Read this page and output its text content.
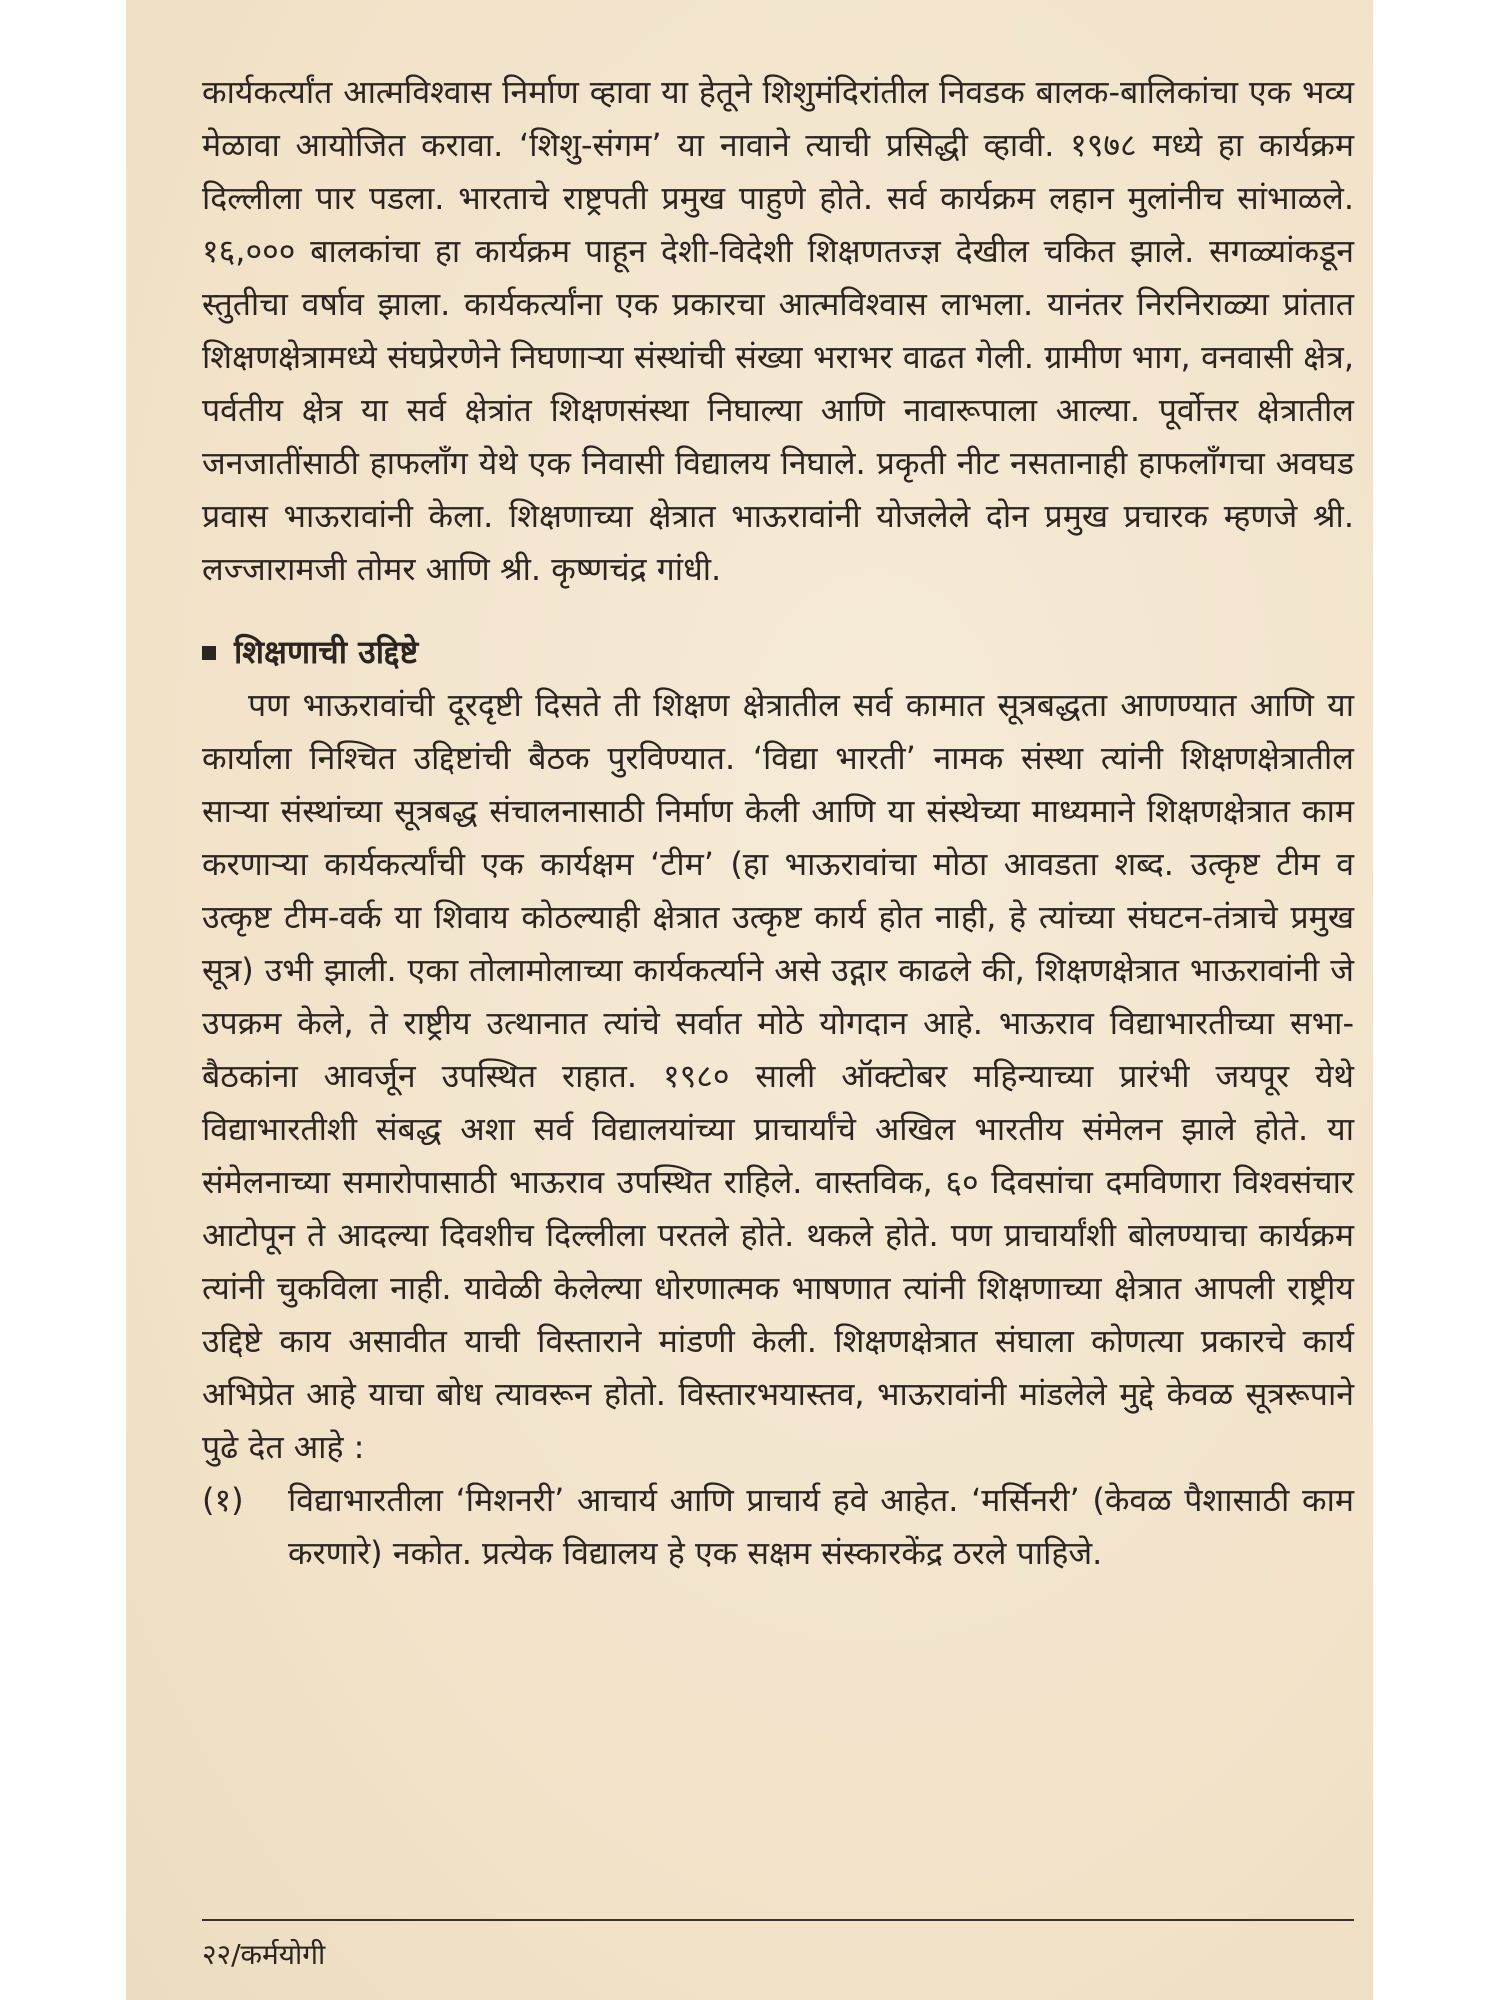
कार्यकर्त्यांत आत्मविश्वास निर्माण व्हावा या हेतूने शिशुमंदिरांतील निवडक बालक-बालिकांचा एक भव्य मेळावा आयोजित करावा. ‘शिशु-संगम’ या नावाने त्याची प्रसिद्धी व्हावी. १९७८ मध्ये हा कार्यक्रम दिल्लीला पार पडला. भारताचे राष्ट्रपती प्रमुख पाहुणे होते. सर्व कार्यक्रम लहान मुलांनीच सांभाळले. १६,००० बालकांचा हा कार्यक्रम पाहून देशी-विदेशी शिक्षणतज्ज्ञ देखील चकित झाले. सगळ्यांकडून स्तुतीचा वर्षाव झाला. कार्यकर्त्यांना एक प्रकारचा आत्मविश्वास लाभला. यानंतर निरनिराळ्या प्रांतात शिक्षणक्षेत्रामध्ये संघप्रेरणेने निघणाऱ्या संस्थांची संख्या भराभर वाढत गेली. ग्रामीण भाग, वनवासी क्षेत्र, पर्वतीय क्षेत्र या सर्व क्षेत्रांत शिक्षणसंस्था निघाल्या आणि नावारूपाला आल्या. पूर्वोत्तर क्षेत्रातील जनजातींसाठी हाफलाँग येथे एक निवासी विद्यालय निघाले. प्रकृती नीट नसतानाही हाफलाँगचा अवघड प्रवास भाऊरावांनी केला. शिक्षणाच्या क्षेत्रात भाऊरावांनी योजलेले दोन प्रमुख प्रचारक म्हणजे श्री. लज्जारामजी तोमर आणि श्री. कृष्णचंद्र गांधी.

शिक्षणाची उद्दिष्टे

पण भाऊरावांची दूरदृष्टी दिसते ती शिक्षण क्षेत्रातील सर्व कामात सूत्रबद्धता आणण्यात आणि या कार्याला निश्चित उद्दिष्टांची बैठक पुरविण्यात. ‘विद्या भारती’ नामक संस्था त्यांनी शिक्षणक्षेत्रातील साऱ्या संस्थांच्या सूत्रबद्ध संचालनासाठी निर्माण केली आणि या संस्थेच्या माध्यमाने शिक्षणक्षेत्रात काम करणाऱ्या कार्यकर्त्यांची एक कार्यक्षम ‘टीम’ (हा भाऊरावांचा मोठा आवडता शब्द. उत्कृष्ट टीम व उत्कृष्ट टीम-वर्क या शिवाय कोठल्याही क्षेत्रात उत्कृष्ट कार्य होत नाही, हे त्यांच्या संघटन-तंत्राचे प्रमुख सूत्र) उभी झाली. एका तोलामोलाच्या कार्यकर्त्याने असे उद्गार काढले की, शिक्षणक्षेत्रात भाऊरावांनी जे उपक्रम केले, ते राष्ट्रीय उत्थानात त्यांचे सर्वात मोठे योगदान आहे. भाऊराव विद्याभारतीच्या सभा-बैठकांना आवर्जून उपस्थित राहात. १९८० साली ऑक्टोबर महिन्याच्या प्रारंभी जयपूर येथे विद्याभारतीशी संबद्ध अशा सर्व विद्यालयांच्या प्राचार्यांचे अखिल भारतीय संमेलन झाले होते. या संमेलनाच्या समारोपासाठी भाऊराव उपस्थित राहिले. वास्तविक, ६० दिवसांचा दमविणारा विश्वसंचार आटोपून ते आदल्या दिवशीच दिल्लीला परतले होते. थकले होते. पण प्राचार्यांशी बोलण्याचा कार्यक्रम त्यांनी चुकविला नाही. यावेळी केलेल्या धोरणात्मक भाषणात त्यांनी शिक्षणाच्या क्षेत्रात आपली राष्ट्रीय उद्दिष्टे काय असावीत याची विस्ताराने मांडणी केली. शिक्षणक्षेत्रात संघाला कोणत्या प्रकारचे कार्य अभिप्रेत आहे याचा बोध त्यावरून होतो. विस्तारभयास्तव, भाऊरावांनी मांडलेले मुद्दे केवळ सूत्ररूपाने पुढे देत आहे :

(१)	विद्याभारतीला ‘मिशनरी’ आचार्य आणि प्राचार्य हवे आहेत. ‘मर्सिनरी’ (केवळ पैशासाठी काम करणारे) नकोत. प्रत्येक विद्यालय हे एक सक्षम संस्कारकेंद्र ठरले पाहिजे.
२२/कर्मयोगी
